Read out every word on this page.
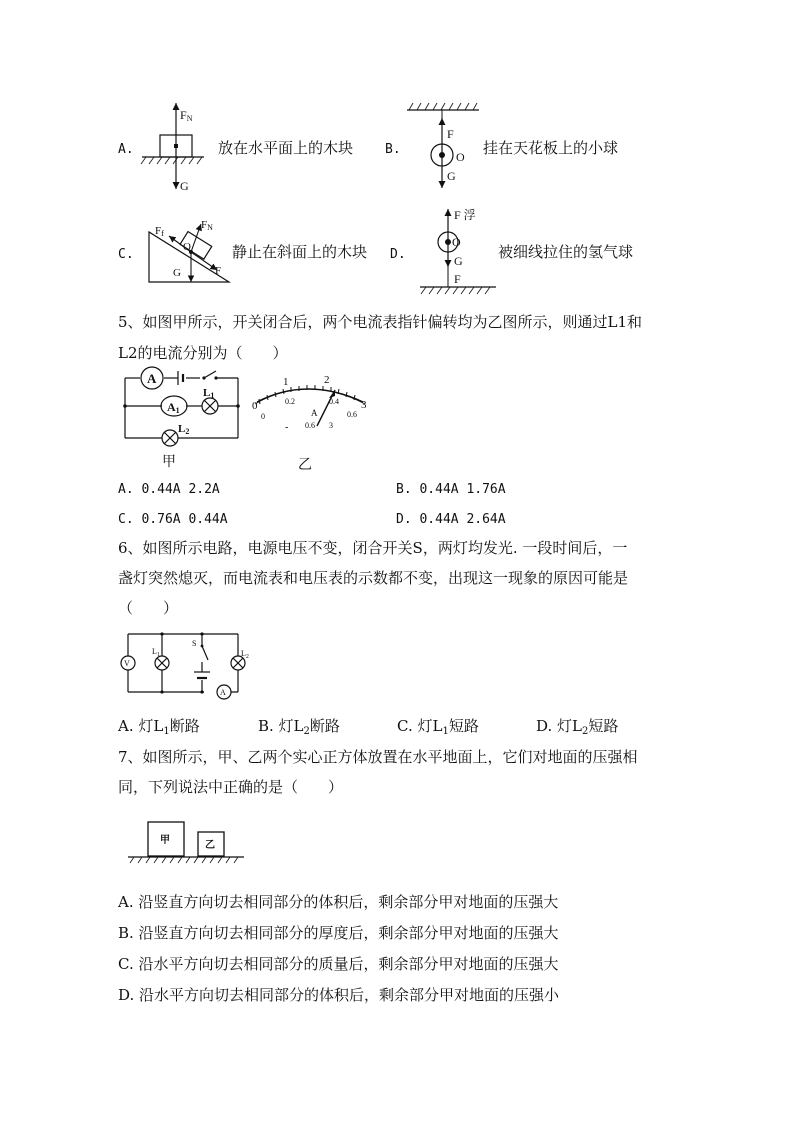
A.	放在水平面上的木块 B.	挂在天花板上的小球
C.	静止在斜面上的木块 D.	被细线拉住的氢气球
FN
G
F
O
G
Ff
FN
O
G	F
F 浮
O
G
F
5、如图甲所示，开关闭合后，两个电流表指针偏转均为乙图所示，则通过L1和
L2的电流分别为（　　）
A
A1
L1
L2
甲
0
1	2
3
0
0.2	0.4
0.6
A
0.6
-	3
乙
A. 0.44A 2.2A	B. 0.44A 1.76A
C. 0.76A 0.44A	D. 0.44A 2.64A
6、如图所示电路，电源电压不变，闭合开关S，两灯均发光. 一段时间后，一
盏灯突然熄灭，而电流表和电压表的示数都不变，出现这一现象的原因可能是
（　　）
V
$L_1$
S
$L_2$
A
A. 灯$L_1$断路	B. 灯$L_2$断路	C. 灯$L_1$短路	D. 灯$L_2$短路
7、如图所示，甲、乙两个实心正方体放置在水平地面上，它们对地面的压强相
同，下列说法中正确的是（　　）
甲	乙
A. 沿竖直方向切去相同部分的体积后，剩余部分甲对地面的压强大
B. 沿竖直方向切去相同部分的厚度后，剩余部分甲对地面的压强大
C. 沿水平方向切去相同部分的质量后，剩余部分甲对地面的压强大
D. 沿水平方向切去相同部分的体积后，剩余部分甲对地面的压强小
